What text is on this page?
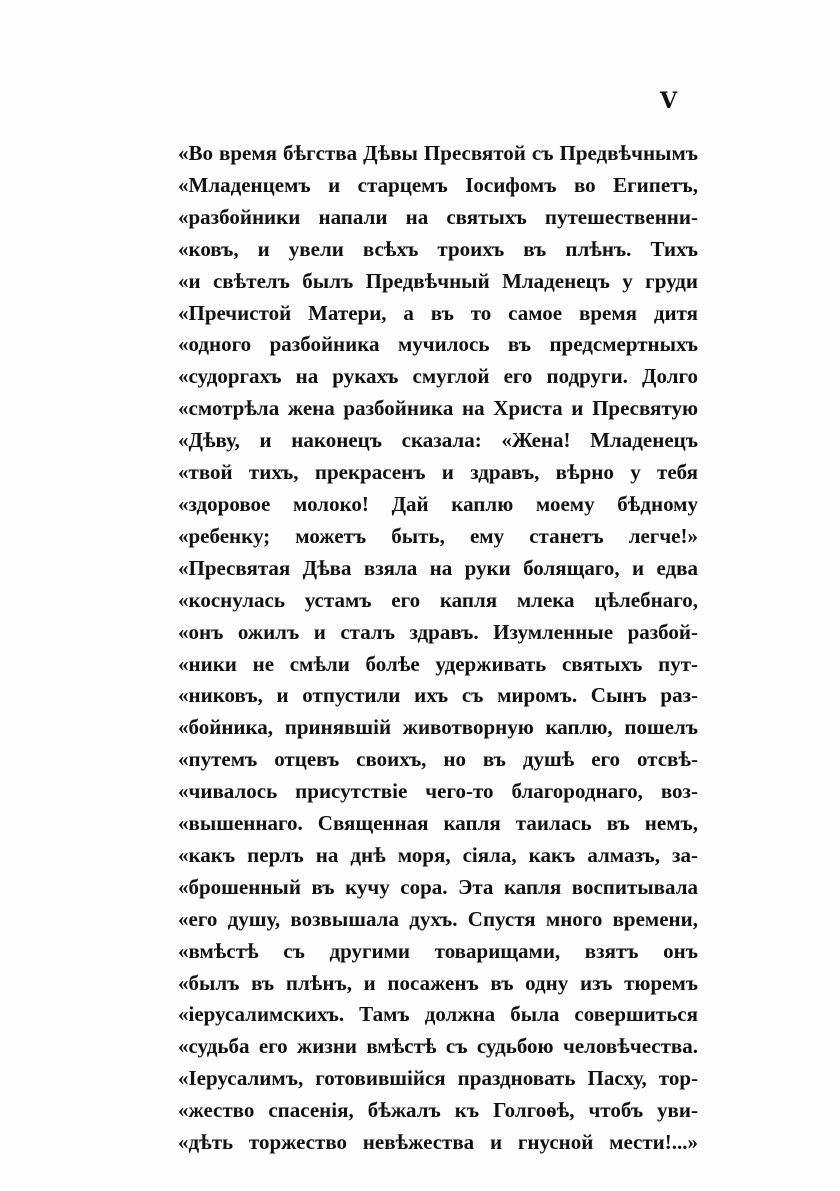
V
«Во время бѣгства Дѣвы Пресвятой съ Предвѣчнымъ
«Младенцемъ и старцемъ Іосифомъ во Египетъ,
«разбойники напали на святыхъ путешественни-
«ковъ, и увели всѣхъ троихъ въ плѣнъ. Тихъ
«и свѣтелъ былъ Предвѣчный Младенецъ у груди
«Пречистой Матери, а въ то самое время дитя
«одного разбойника мучилось въ предсмертныхъ
«судоргахъ на рукахъ смуглой его подруги. Долго
«смотрѣла жена разбойника на Христа и Пресвятую
«Дѣву, и наконецъ сказала: «Жена! Младенецъ
«твой тихъ, прекрасенъ и здравъ, вѣрно у тебя
«здоровое молоко! Дай каплю моему бѣдному
«ребенку; можетъ быть, ему станетъ легче!»
«Пресвятая Дѣва взяла на руки болящаго, и едва
«коснулась устамъ его капля млека цѣлебнаго,
«онъ ожилъ и сталъ здравъ. Изумленные разбой-
«ники не смѣли болѣе удерживать святыхъ пут-
«никовъ, и отпустили ихъ съ миромъ. Сынъ раз-
«бойника, принявшій животворную каплю, пошелъ
«путемъ отцевъ своихъ, но въ душѣ его отсвѣ-
«чивалось присутствіе чего-то благороднаго, воз-
«вышеннаго. Священная капля таилась въ немъ,
«какъ перлъ на днѣ моря, сіяла, какъ алмазъ, за-
«брошенный въ кучу сора. Эта капля воспитывала
«его душу, возвышала духъ. Спустя много времени,
«вмѣстѣ съ другими товарищами, взятъ онъ
«былъ въ плѣнъ, и посаженъ въ одну изъ тюремъ
«іерусалимскихъ. Тамъ должна была совершиться
«судьба его жизни вмѣстѣ съ судьбою человѣчества.
«Іерусалимъ, готовившійся праздновать Пасху, тор-
«жество спасенія, бѣжалъ къ Голгоѳѣ, чтобъ уви-
«дѣть торжество невѣжества и гнусной мести!...»
